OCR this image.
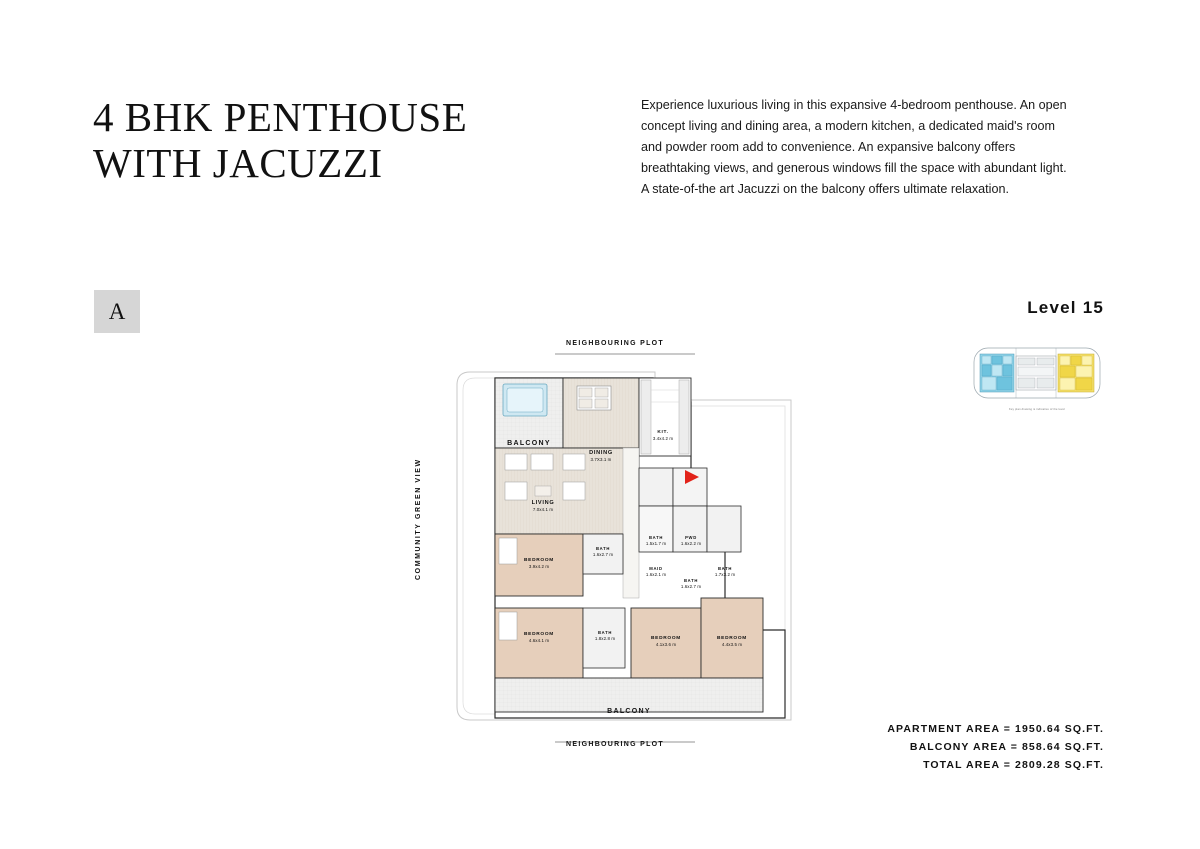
4 BHK PENTHOUSE
WITH JACUZZI
Experience luxurious living in this expansive 4-bedroom penthouse. An open concept living and dining area, a modern kitchen, a dedicated maid's room and powder room add to convenience. An expansive balcony offers breathtaking views, and generous windows fill the space with abundant light. A state-of-the art Jacuzzi on the balcony offers ultimate relaxation.
A	Level 15
Key plan drawing is indicative of the level
APARTMENT AREA = 1950.64 SQ.FT.
BALCONY AREA = 858.64 SQ.FT.
TOTAL AREA = 2809.28 SQ.FT.
NEIGHBOURING PLOT
NEIGHBOURING PLOT
COMMUNITY GREEN VIEW
BALCONY
BALCONY
DINING
3.7X3.1 m
KIT.
3.4x4.2 m
LIVING
7.0x4.1 m
BATH
1.5x1.7 m
PWD
1.6x2.2 m
BEDROOM
3.9x4.2 m
BATH
1.6x2.7 m
MAID
1.6x2.1 m
BATH
1.6x2.7 m
BATH
1.7x3.2 m
BEDROOM
4.6x4.1 m
BATH
1.8x2.8 m	BEDROOM
4.1x3.6 m
BEDROOM
4.4x3.5 m
